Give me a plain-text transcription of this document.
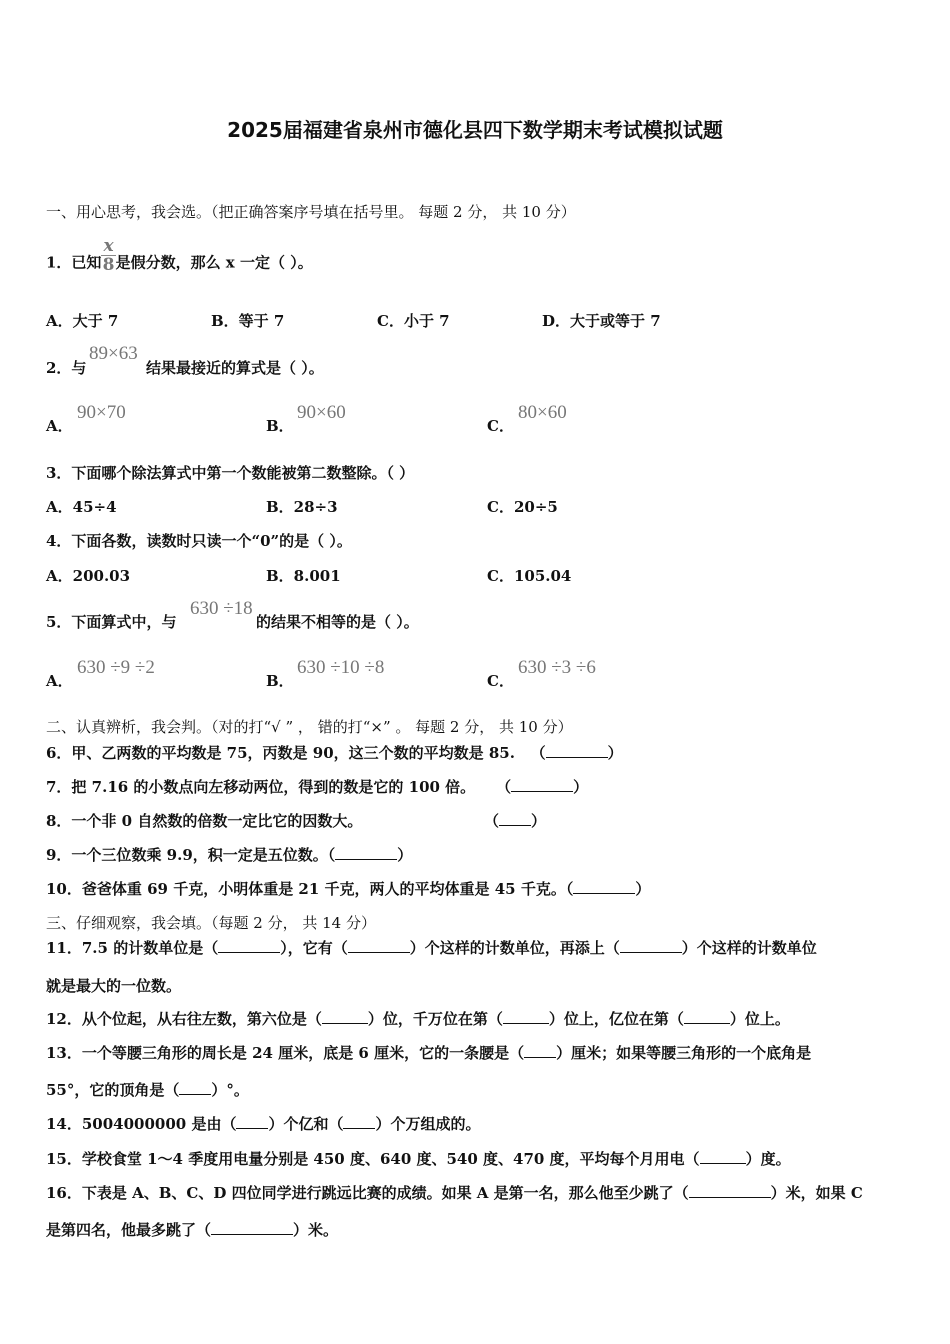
2025届福建省泉州市德化县四下数学期末考试模拟试题
一、用心思考，我会选。（把正确答案序号填在括号里。 每题 2 分， 共 10 分）
1．已知 $\frac{x}{8}$ 是假分数，那么 x 一定（ ）。
A．大于 7	B．等于 7	C．小于 7	D．大于或等于 7
2．与
89×63
结果最接近的算式是（ ）。
A．
90×70
B．
90×60
C．
80×60
3．下面哪个除法算式中第一个数能被第二数整除。（ ）
A．45÷4	B．28÷3	C．20÷5
4．下面各数，读数时只读一个“0”的是（ ）。
A．200.03	B．8.001	C．105.04
5．下面算式中，与
630 ÷18
的结果不相等的是（ ）。
A．
630 ÷9 ÷2
B．
630 ÷10 ÷8
C．
630 ÷3 ÷6
二、认真辨析，我会判。（对的打“√ ” ， 错的打“×” 。 每题 2 分， 共 10 分）
6．甲、乙两数的平均数是 75，丙数是 90，这三个数的平均数是 85. （	）
7．把 7.16 的小数点向左移动两位，得到的数是它的 100 倍。 （	）
8．一个非 0 自然数的倍数一定比它的因数大。	（ ）
9．一个三位数乘 9.9，积一定是五位数。（	）
10．爸爸体重 69 千克，小明体重是 21 千克，两人的平均体重是 45 千克。（	）
三、仔细观察，我会填。（每题 2 分， 共 14 分）
11．7.5 的计数单位是（	），它有（	）个这样的计数单位，再添上（	）个这样的计数单位
就是最大的一位数。
12．从个位起，从右往左数，第六位是（	）位，千万位在第（	）位上，亿位在第（	）位上。
13．一个等腰三角形的周长是 24 厘米，底是 6 厘米，它的一条腰是（ ）厘米；如果等腰三角形的一个底角是
55°，它的顶角是（ ）°。
14．5004000000 是由（ ）个亿和（ ）个万组成的。
15．学校食堂 1～4 季度用电量分别是 450 度、640 度、540 度、470 度，平均每个月用电（	）度。
16．下表是 A、B、C、D 四位同学进行跳远比赛的成绩。如果 A 是第一名，那么他至少跳了（	）米，如果 C
是第四名，他最多跳了（	）米。
